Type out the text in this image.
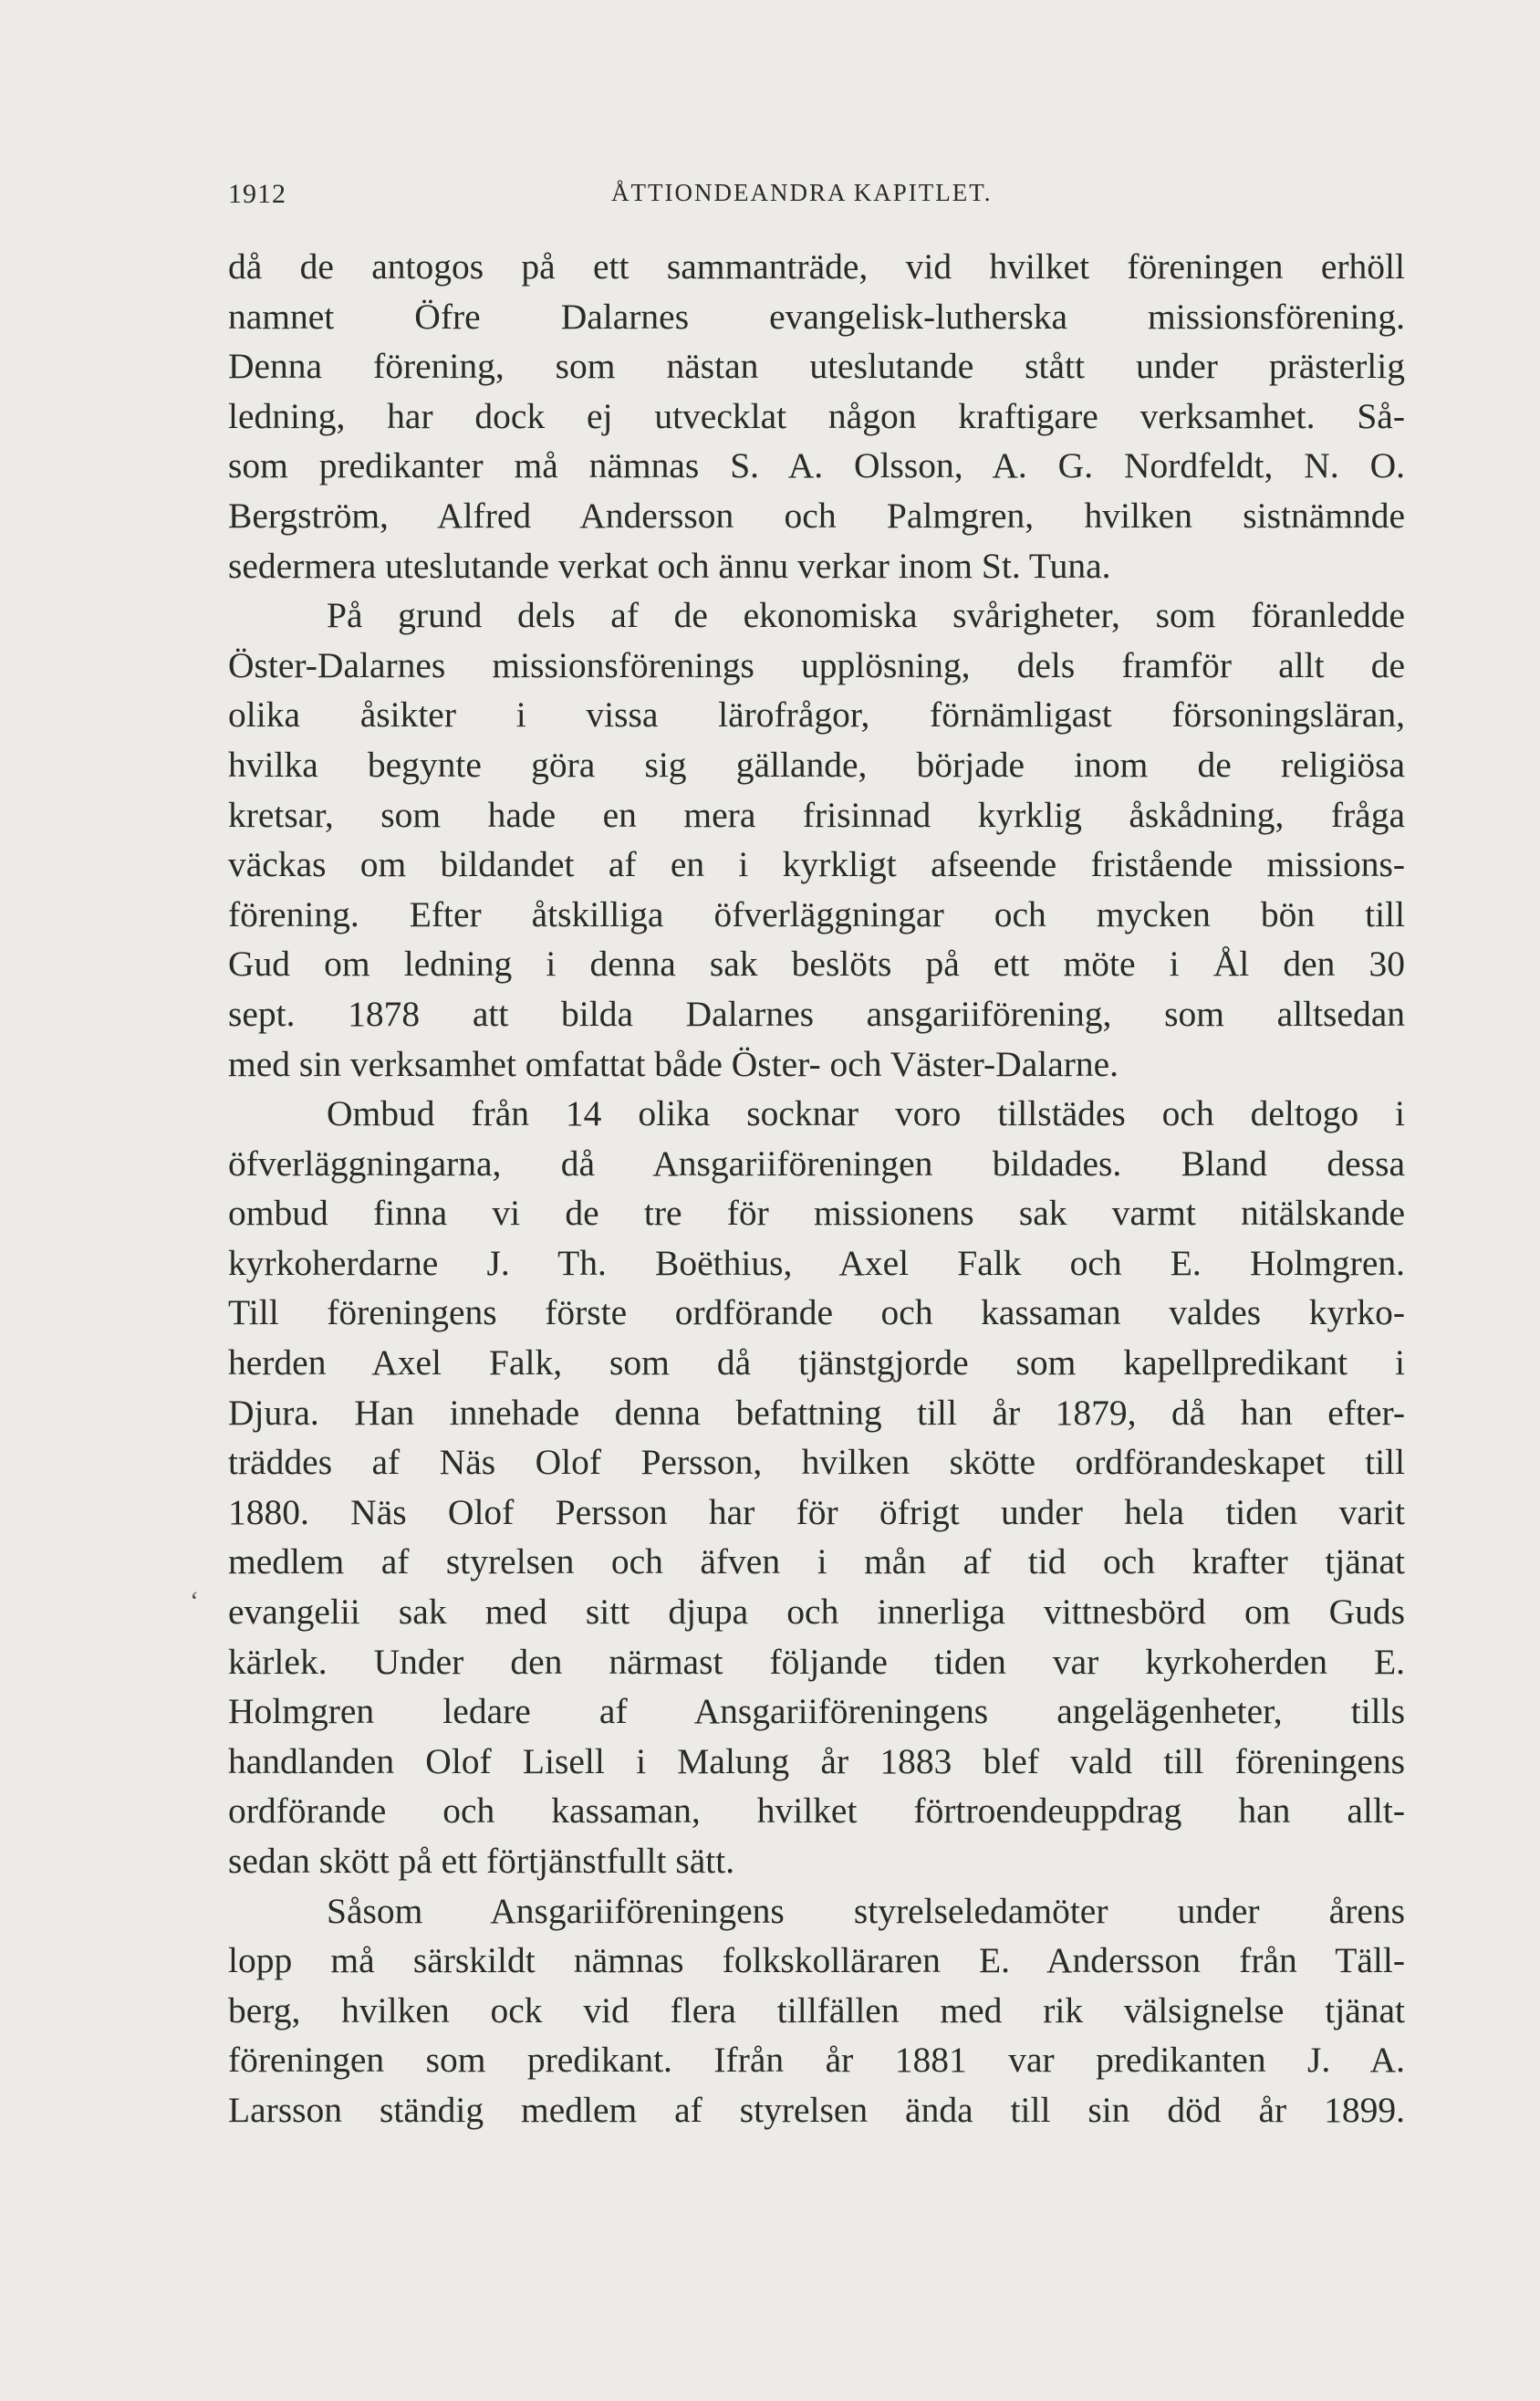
1912	ÅTTIONDEANDRA KAPITLET.
då de antogos på ett sammanträde, vid hvilket föreningen erhöll
namnet Öfre Dalarnes evangelisk-lutherska missionsförening.
Denna förening, som nästan uteslutande stått under prästerlig
ledning, har dock ej utvecklat någon kraftigare verksamhet. Så-
som predikanter må nämnas S. A. Olsson, A. G. Nordfeldt, N. O.
Bergström, Alfred Andersson och Palmgren, hvilken sistnämnde
sedermera uteslutande verkat och ännu verkar inom St. Tuna.
På grund dels af de ekonomiska svårigheter, som föranledde
Öster-Dalarnes missionsförenings upplösning, dels framför allt de
olika åsikter i vissa lärofrågor, förnämligast försoningsläran,
hvilka begynte göra sig gällande, började inom de religiösa
kretsar, som hade en mera frisinnad kyrklig åskådning, fråga
väckas om bildandet af en i kyrkligt afseende fristående missions-
förening. Efter åtskilliga öfverläggningar och mycken bön till
Gud om ledning i denna sak beslöts på ett möte i Ål den 30
sept. 1878 att bilda Dalarnes ansgariiförening, som alltsedan
med sin verksamhet omfattat både Öster- och Väster-Dalarne.
Ombud från 14 olika socknar voro tillstädes och deltogo i
öfverläggningarna, då Ansgariiföreningen bildades. Bland dessa
ombud finna vi de tre för missionens sak varmt nitälskande
kyrkoherdarne J. Th. Boëthius, Axel Falk och E. Holmgren.
Till föreningens förste ordförande och kassaman valdes kyrko-
herden Axel Falk, som då tjänstgjorde som kapellpredikant i
Djura. Han innehade denna befattning till år 1879, då han efter-
träddes af Näs Olof Persson, hvilken skötte ordförandeskapet till
1880. Näs Olof Persson har för öfrigt under hela tiden varit
medlem af styrelsen och äfven i mån af tid och krafter tjänat
evangelii sak med sitt djupa och innerliga vittnesbörd om Guds
kärlek. Under den närmast följande tiden var kyrkoherden E.
Holmgren ledare af Ansgariiföreningens angelägenheter, tills
handlanden Olof Lisell i Malung år 1883 blef vald till föreningens
ordförande och kassaman, hvilket förtroendeuppdrag han allt-
sedan skött på ett förtjänstfullt sätt.
Såsom Ansgariiföreningens styrelseledamöter under årens
lopp må särskildt nämnas folkskolläraren E. Andersson från Täll-
berg, hvilken ock vid flera tillfällen med rik välsignelse tjänat
föreningen som predikant. Ifrån år 1881 var predikanten J. A.
Larsson ständig medlem af styrelsen ända till sin död år 1899.
‘
